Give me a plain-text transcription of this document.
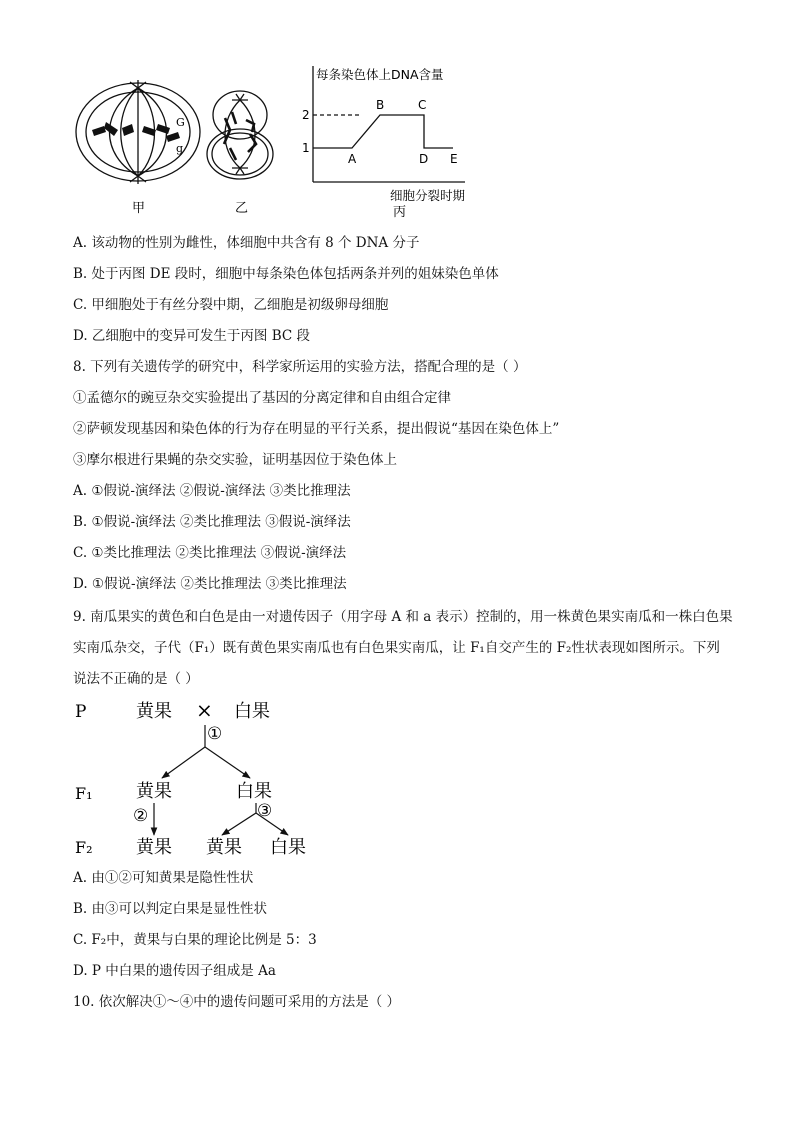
G
g
甲	乙
每条染色体上DNA含量
2
1
A
B	C
D E
细胞分裂时期
丙
A. 该动物的性别为雌性，体细胞中共含有 8 个 DNA 分子
B. 处于丙图 DE 段时，细胞中每条染色体包括两条并列的姐妹染色单体
C. 甲细胞处于有丝分裂中期，乙细胞是初级卵母细胞
D. 乙细胞中的变异可发生于丙图 BC 段
8. 下列有关遗传学的研究中，科学家所运用的实验方法，搭配合理的是（ ）
①孟德尔的豌豆杂交实验提出了基因的分离定律和自由组合定律
②萨顿发现基因和染色体的行为存在明显的平行关系，提出假说“基因在染色体上”
③摩尔根进行果蝇的杂交实验，证明基因位于染色体上
A. ①假说-演绎法 ②假说-演绎法 ③类比推理法
B. ①假说-演绎法 ②类比推理法 ③假说-演绎法
C. ①类比推理法 ②类比推理法 ③假说-演绎法
D. ①假说-演绎法 ②类比推理法 ③类比推理法
9. 南瓜果实的黄色和白色是由一对遗传因子（用字母 A 和 a 表示）控制的，用一株黄色果实南瓜和一株白色果实南瓜杂交，子代（F₁）既有黄色果实南瓜也有白色果实南瓜，让 F₁自交产生的 F₂性状表现如图所示。下列说法不正确的是（ ）
P	黄果 × 白果
①
F₁ 黄果	白果
②	③
F₂ 黄果 黄果 白果
A. 由①②可知黄果是隐性性状
B. 由③可以判定白果是显性性状
C. F₂中，黄果与白果的理论比例是 5：3
D. P 中白果的遗传因子组成是 Aa
10. 依次解决①～④中的遗传问题可采用的方法是（ ）
